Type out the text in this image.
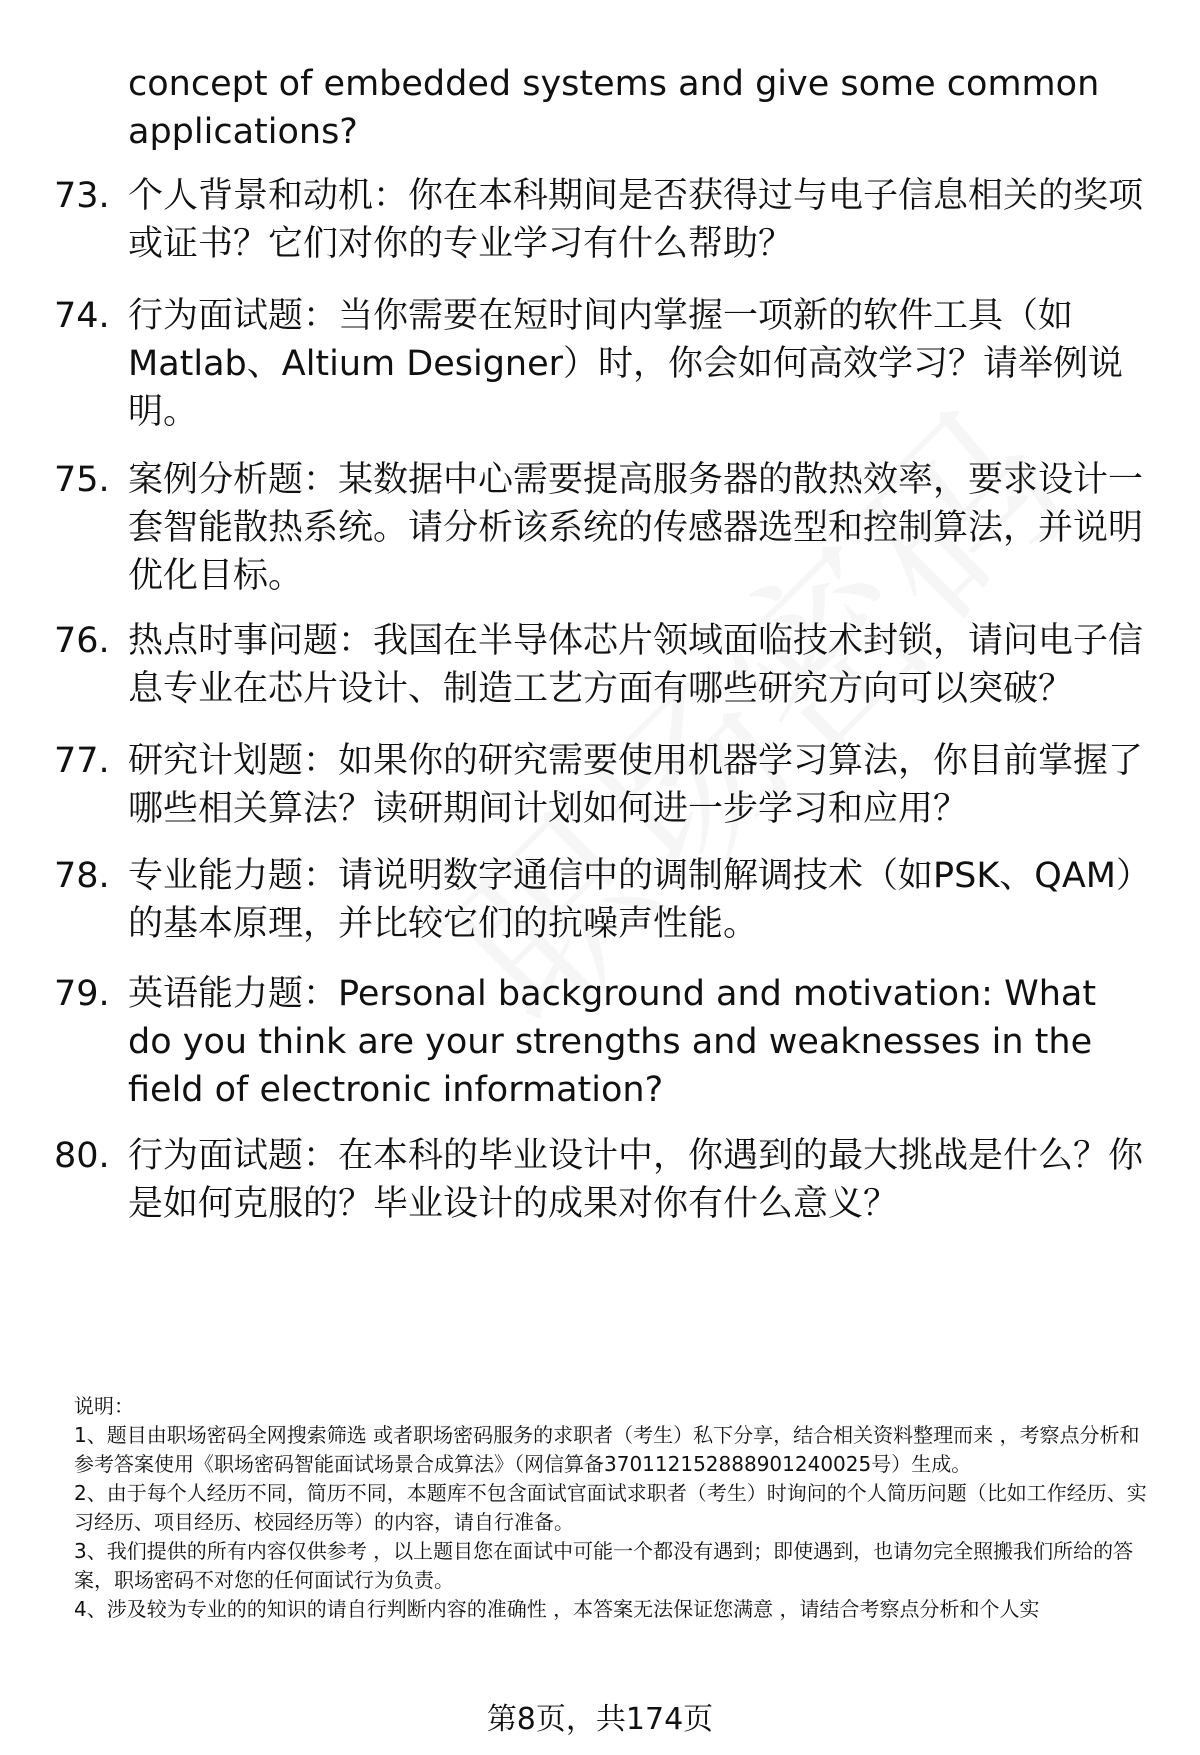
concept of embedded systems and give some common applications?
73. 个人背景和动机：你在本科期间是否获得过与电子信息相关的奖项或证书？它们对你的专业学习有什么帮助？
74. 行为面试题：当你需要在短时间内掌握一项新的软件工具（如Matlab、Altium Designer）时，你会如何高效学习？请举例说明。
75. 案例分析题：某数据中心需要提高服务器的散热效率，要求设计一套智能散热系统。请分析该系统的传感器选型和控制算法，并说明优化目标。
76. 热点时事问题：我国在半导体芯片领域面临技术封锁，请问电子信息专业在芯片设计、制造工艺方面有哪些研究方向可以突破？
77. 研究计划题：如果你的研究需要使用机器学习算法，你目前掌握了哪些相关算法？读研期间计划如何进一步学习和应用？
78. 专业能力题：请说明数字通信中的调制解调技术（如PSK、QAM）的基本原理，并比较它们的抗噪声性能。
79. 英语能力题：Personal background and motivation: What do you think are your strengths and weaknesses in the field of electronic information?
80. 行为面试题：在本科的毕业设计中，你遇到的最大挑战是什么？你是如何克服的？毕业设计的成果对你有什么意义？
说明：
1、题目由职场密码全网搜索筛选 或者职场密码服务的求职者（考生）私下分享，结合相关资料整理而来 ，考察点分析和参考答案使用《职场密码智能面试场景合成算法》（网信算备370112152888901240025号）生成。
2、由于每个人经历不同，简历不同，本题库不包含面试官面试求职者（考生）时询问的个人简历问题（比如工作经历、实习经历、项目经历、校园经历等）的内容，请自行准备。
3、我们提供的所有内容仅供参考 ，以上题目您在面试中可能一个都没有遇到；即使遇到，也请勿完全照搬我们所给的答案，职场密码不对您的任何面试行为负责。
4、涉及较为专业的的知识的请自行判断内容的准确性 ，本答案无法保证您满意 ，请结合考察点分析和个人实
第8页，共174页
